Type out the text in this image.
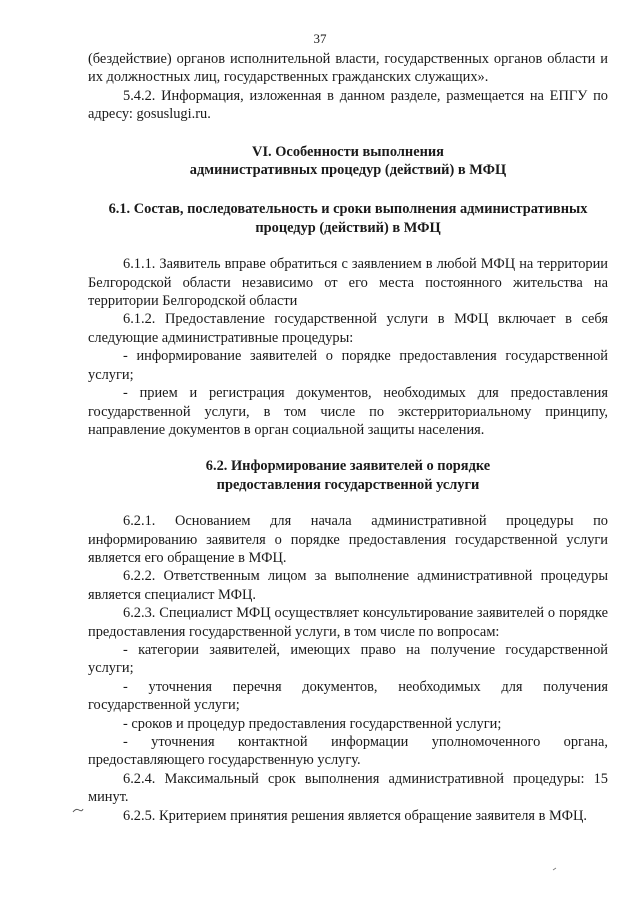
37

(бездействие) органов исполнительной власти, государственных органов области и их должностных лиц, государственных гражданских служащих».

5.4.2. Информация, изложенная в данном разделе, размещается на ЕПГУ по адресу: gosuslugi.ru.

VI. Особенности выполнения
административных процедур (действий) в МФЦ
6.1. Состав, последовательность и сроки выполнения административных
процедур (действий) в МФЦ

6.1.1. Заявитель вправе обратиться с заявлением в любой МФЦ на территории Белгородской области независимо от его места постоянного жительства на территории Белгородской области

6.1.2. Предоставление государственной услуги в МФЦ включает в себя следующие административные процедуры:

- информирование заявителей о порядке предоставления государственной услуги;

- прием и регистрация документов, необходимых для предоставления государственной услуги, в том числе по экстерриториальному принципу, направление документов в орган социальной защиты населения.

6.2. Информирование заявителей о порядке
предоставления государственной услуги

6.2.1. Основанием для начала административной процедуры по информированию заявителя о порядке предоставления государственной услуги является его обращение в МФЦ.

6.2.2. Ответственным лицом за выполнение административной процедуры является специалист МФЦ.

6.2.3. Специалист МФЦ осуществляет консультирование заявителей о порядке предоставления государственной услуги, в том числе по вопросам:

- категории заявителей, имеющих право на получение государственной услуги;

- уточнения перечня документов, необходимых для получения государственной услуги;

- сроков и процедур предоставления государственной услуги;

- уточнения контактной информации уполномоченного органа, предоставляющего государственную услугу.

6.2.4. Максимальный срок выполнения административной процедуры: 15 минут.

6.2.5. Критерием принятия решения является обращение заявителя в МФЦ.
